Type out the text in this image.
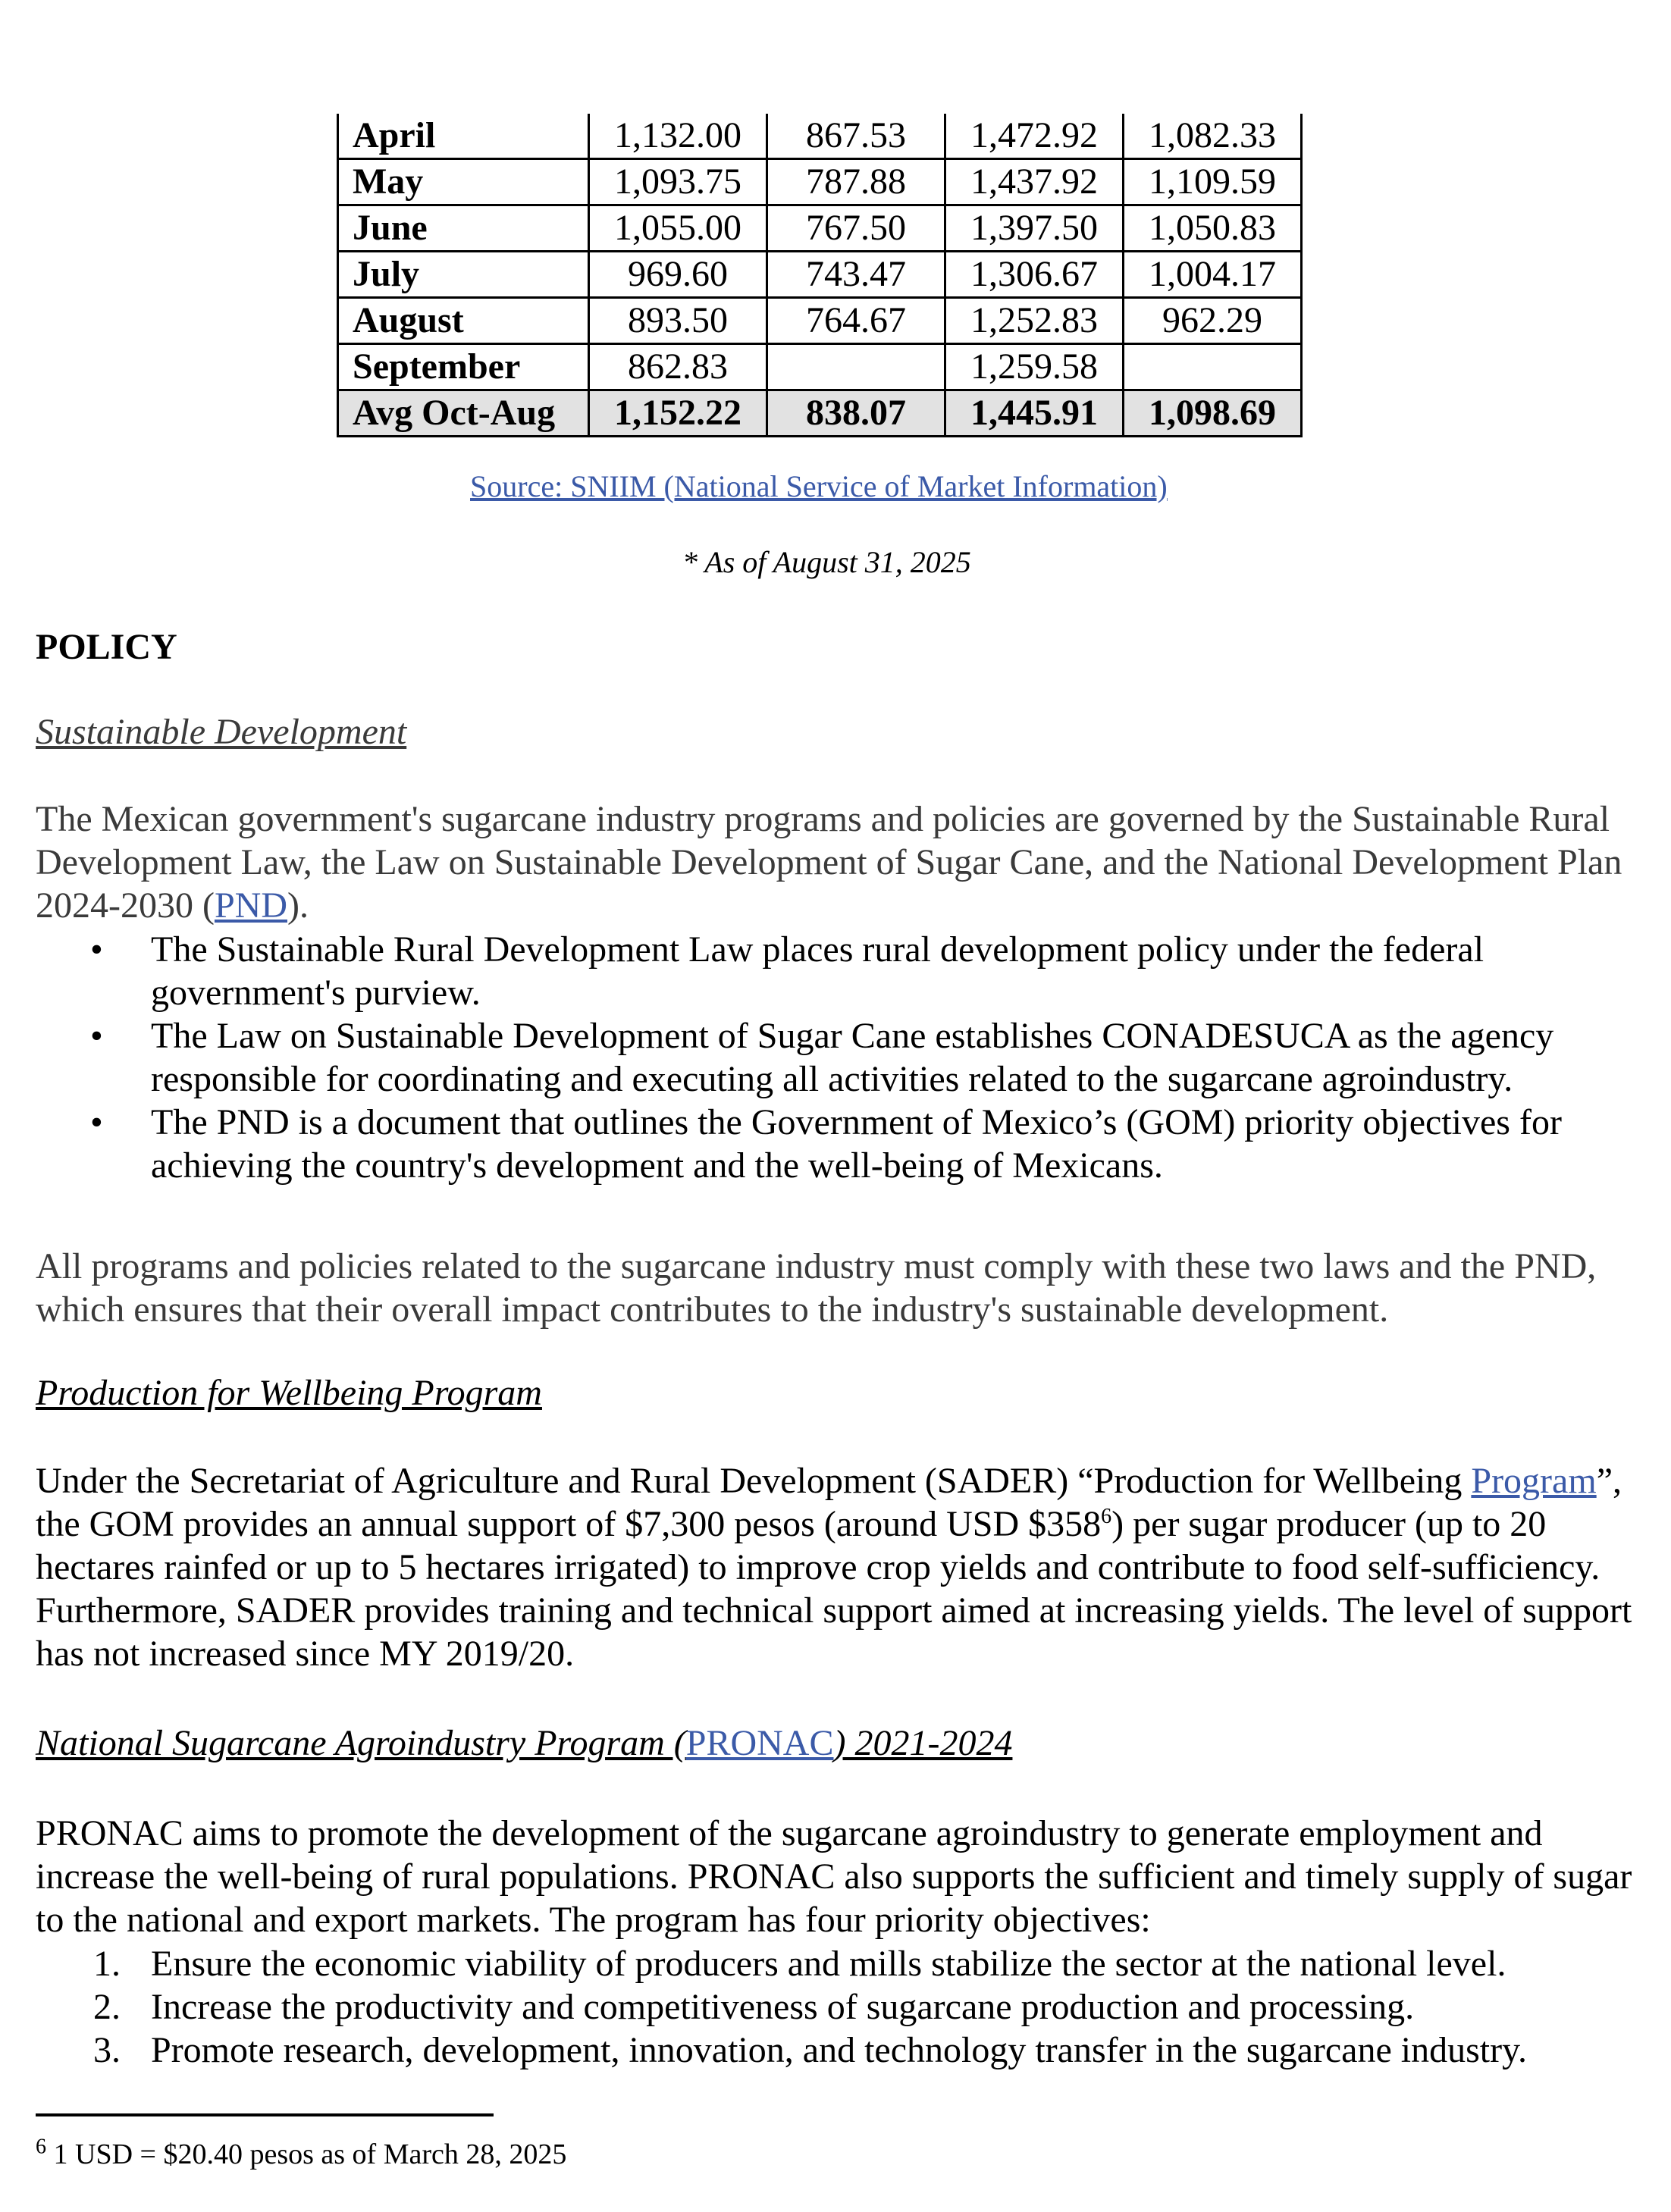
April	1,132.00	867.53	1,472.92	1,082.33
May	1,093.75	787.88	1,437.92	1,109.59
June	1,055.00	767.50	1,397.50	1,050.83
July	969.60	743.47	1,306.67	1,004.17
August	893.50	764.67	1,252.83	962.29
September	862.83		1,259.58	
Avg Oct-Aug	1,152.22	838.07	1,445.91	1,098.69
Source: SNIIM (National Service of Market Information)
* As of August 31, 2025
POLICY
Sustainable Development
The Mexican government's sugarcane industry programs and policies are governed by the Sustainable Rural Development Law, the Law on Sustainable Development of Sugar Cane, and the National Development Plan 2024-2030 (PND).
• The Sustainable Rural Development Law places rural development policy under the federal government's purview.
• The Law on Sustainable Development of Sugar Cane establishes CONADESUCA as the agency responsible for coordinating and executing all activities related to the sugarcane agroindustry.
• The PND is a document that outlines the Government of Mexico’s (GOM) priority objectives for achieving the country's development and the well-being of Mexicans.
All programs and policies related to the sugarcane industry must comply with these two laws and the PND, which ensures that their overall impact contributes to the industry's sustainable development.
Production for Wellbeing Program
Under the Secretariat of Agriculture and Rural Development (SADER) “Production for Wellbeing Program”, the GOM provides an annual support of $7,300 pesos (around USD $\$358^6$) per sugar producer (up to 20 hectares rainfed or up to 5 hectares irrigated) to improve crop yields and contribute to food self-sufficiency. Furthermore, SADER provides training and technical support aimed at increasing yields. The level of support has not increased since MY 2019/20.
National Sugarcane Agroindustry Program (PRONAC) 2021-2024
PRONAC aims to promote the development of the sugarcane agroindustry to generate employment and increase the well-being of rural populations. PRONAC also supports the sufficient and timely supply of sugar to the national and export markets. The program has four priority objectives:
1. Ensure the economic viability of producers and mills stabilize the sector at the national level.
2. Increase the productivity and competitiveness of sugarcane production and processing.
3. Promote research, development, innovation, and technology transfer in the sugarcane industry.
$^6$ 1 USD = $20.40 pesos as of March 28, 2025
